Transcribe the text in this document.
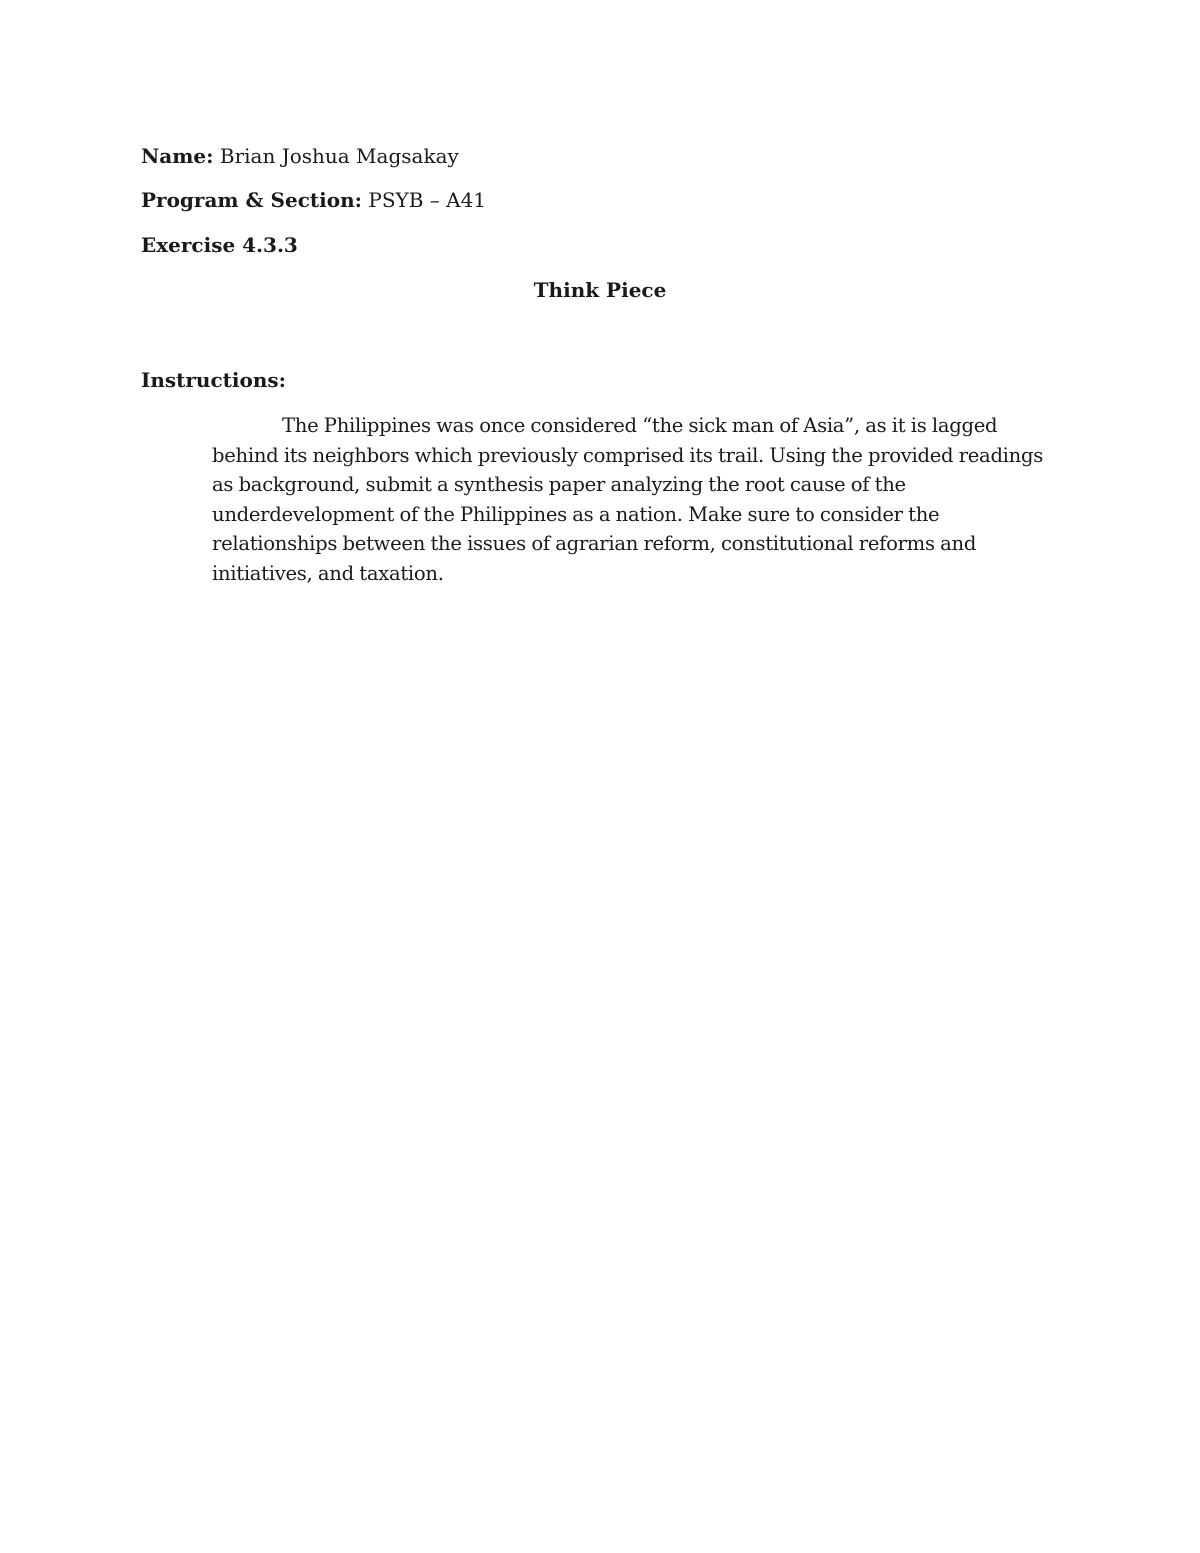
Name: Brian Joshua Magsakay
Program & Section: PSYB – A41
Exercise 4.3.3
Think Piece
Instructions:
The Philippines was once considered “the sick man of Asia”, as it is lagged behind its neighbors which previously comprised its trail. Using the provided readings as background, submit a synthesis paper analyzing the root cause of the underdevelopment of the Philippines as a nation. Make sure to consider the relationships between the issues of agrarian reform, constitutional reforms and initiatives, and taxation.
